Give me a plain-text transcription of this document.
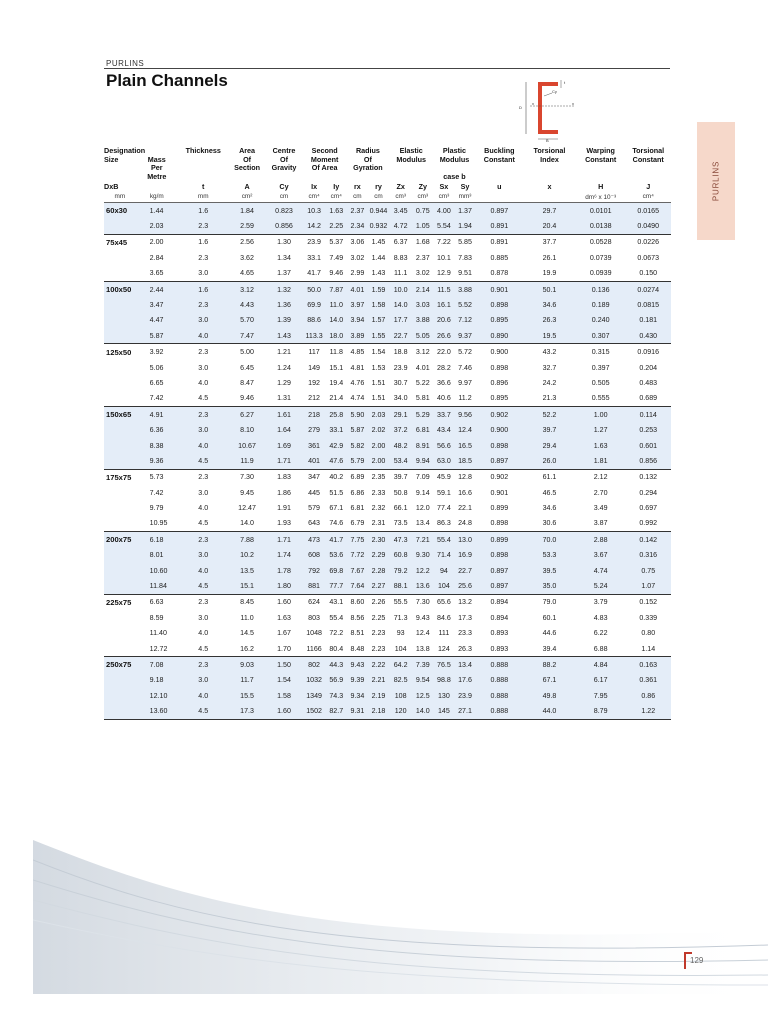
PURLINS
Plain Channels	t
Cy
x	x
D
B
PURLINS
Designation		Thickness	Area	Centre	Second		Radius		Elastic		Plastic		Buckling	Torsional	Warping	Torsional
Size	Mass		Of	Of	Moment		Of		Modulus		Modulus		Constant	Index	Constant	Constant
	Per		Section	Gravity	Of Area		Gyration									
	Metre										case b					
DxB		t	A	Cy	Ix	Iy	rx	ry	Zx	Zy	Sx	Sy	u	x	H	J
mm	kg/m	mm	cm²	cm	cm⁴	cm⁴	cm	cm	cm³	cm³	cm³	mm³			dm⁶ x 10⁻³	cm⁴
60x30	1.44	1.6	1.84	0.823	10.3	1.63	2.37	0.944	3.45	0.75	4.00	1.37	0.897	29.7	0.0101	0.0165
	2.03	2.3	2.59	0.856	14.2	2.25	2.34	0.932	4.72	1.05	5.54	1.94	0.891	20.4	0.0138	0.0490
75x45	2.00	1.6	2.56	1.30	23.9	5.37	3.06	1.45	6.37	1.68	7.22	5.85	0.891	37.7	0.0528	0.0226
	2.84	2.3	3.62	1.34	33.1	7.49	3.02	1.44	8.83	2.37	10.1	7.83	0.885	26.1	0.0739	0.0673
	3.65	3.0	4.65	1.37	41.7	9.46	2.99	1.43	11.1	3.02	12.9	9.51	0.878	19.9	0.0939	0.150
100x50	2.44	1.6	3.12	1.32	50.0	7.87	4.01	1.59	10.0	2.14	11.5	3.88	0.901	50.1	0.136	0.0274
	3.47	2.3	4.43	1.36	69.9	11.0	3.97	1.58	14.0	3.03	16.1	5.52	0.898	34.6	0.189	0.0815
	4.47	3.0	5.70	1.39	88.6	14.0	3.94	1.57	17.7	3.88	20.6	7.12	0.895	26.3	0.240	0.181
	5.87	4.0	7.47	1.43	113.3	18.0	3.89	1.55	22.7	5.05	26.6	9.37	0.890	19.5	0.307	0.430
125x50	3.92	2.3	5.00	1.21	117	11.8	4.85	1.54	18.8	3.12	22.0	5.72	0.900	43.2	0.315	0.0916
	5.06	3.0	6.45	1.24	149	15.1	4.81	1.53	23.9	4.01	28.2	7.46	0.898	32.7	0.397	0.204
	6.65	4.0	8.47	1.29	192	19.4	4.76	1.51	30.7	5.22	36.6	9.97	0.896	24.2	0.505	0.483
	7.42	4.5	9.46	1.31	212	21.4	4.74	1.51	34.0	5.81	40.6	11.2	0.895	21.3	0.555	0.689
150x65	4.91	2.3	6.27	1.61	218	25.8	5.90	2.03	29.1	5.29	33.7	9.56	0.902	52.2	1.00	0.114
	6.36	3.0	8.10	1.64	279	33.1	5.87	2.02	37.2	6.81	43.4	12.4	0.900	39.7	1.27	0.253
	8.38	4.0	10.67	1.69	361	42.9	5.82	2.00	48.2	8.91	56.6	16.5	0.898	29.4	1.63	0.601
	9.36	4.5	11.9	1.71	401	47.6	5.79	2.00	53.4	9.94	63.0	18.5	0.897	26.0	1.81	0.856
175x75	5.73	2.3	7.30	1.83	347	40.2	6.89	2.35	39.7	7.09	45.9	12.8	0.902	61.1	2.12	0.132
	7.42	3.0	9.45	1.86	445	51.5	6.86	2.33	50.8	9.14	59.1	16.6	0.901	46.5	2.70	0.294
	9.79	4.0	12.47	1.91	579	67.1	6.81	2.32	66.1	12.0	77.4	22.1	0.899	34.6	3.49	0.697
	10.95	4.5	14.0	1.93	643	74.6	6.79	2.31	73.5	13.4	86.3	24.8	0.898	30.6	3.87	0.992
200x75	6.18	2.3	7.88	1.71	473	41.7	7.75	2.30	47.3	7.21	55.4	13.0	0.899	70.0	2.88	0.142
	8.01	3.0	10.2	1.74	608	53.6	7.72	2.29	60.8	9.30	71.4	16.9	0.898	53.3	3.67	0.316
	10.60	4.0	13.5	1.78	792	69.8	7.67	2.28	79.2	12.2	94	22.7	0.897	39.5	4.74	0.75
	11.84	4.5	15.1	1.80	881	77.7	7.64	2.27	88.1	13.6	104	25.6	0.897	35.0	5.24	1.07
225x75	6.63	2.3	8.45	1.60	624	43.1	8.60	2.26	55.5	7.30	65.6	13.2	0.894	79.0	3.79	0.152
	8.59	3.0	11.0	1.63	803	55.4	8.56	2.25	71.3	9.43	84.6	17.3	0.894	60.1	4.83	0.339
	11.40	4.0	14.5	1.67	1048	72.2	8.51	2.23	93	12.4	111	23.3	0.893	44.6	6.22	0.80
	12.72	4.5	16.2	1.70	1166	80.4	8.48	2.23	104	13.8	124	26.3	0.893	39.4	6.88	1.14
250x75	7.08	2.3	9.03	1.50	802	44.3	9.43	2.22	64.2	7.39	76.5	13.4	0.888	88.2	4.84	0.163
	9.18	3.0	11.7	1.54	1032	56.9	9.39	2.21	82.5	9.54	98.8	17.6	0.888	67.1	6.17	0.361
	12.10	4.0	15.5	1.58	1349	74.3	9.34	2.19	108	12.5	130	23.9	0.888	49.8	7.95	0.86
	13.60	4.5	17.3	1.60	1502	82.7	9.31	2.18	120	14.0	145	27.1	0.888	44.0	8.79	1.22
129
